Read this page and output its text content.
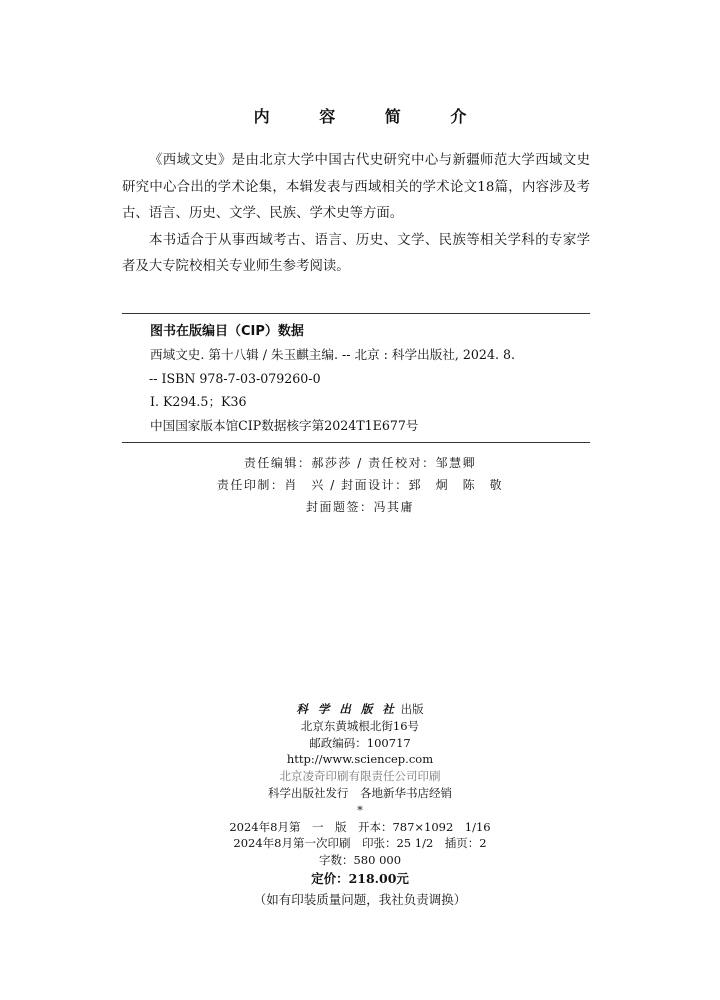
内 容 简 介

《西域文史》是由北京大学中国古代史研究中心与新疆师范大学西域文史研究中心合出的学术论集，本辑发表与西域相关的学术论文18篇，内容涉及考古、语言、历史、文学、民族、学术史等方面。

本书适合于从事西域考古、语言、历史、文学、民族等相关学科的专家学者及大专院校相关专业师生参考阅读。

图书在版编目（CIP）数据
西域文史. 第十八辑 / 朱玉麒主编. -- 北京 : 科学出版社, 2024. 8.
-- ISBN 978-7-03-079260-0
Ⅰ. K294.5；K36
中国国家版本馆CIP数据核字第2024T1E677号
责任编辑：郝莎莎 / 责任校对：邹慧卿
责任印制：肖　兴 / 封面设计：郅　炯　陈　敬
封面题签：冯其庸
科 学 出 版 社 出版
北京东黄城根北街16号
邮政编码：100717
http://www.sciencep.com
北京凌奇印刷有限责任公司印刷
科学出版社发行　各地新华书店经销
*
2024年8月第　一　版　开本：787×1092　1/16
2024年8月第一次印刷　印张：25 1/2　插页：2
字数：580 000
定价：218.00元
（如有印装质量问题，我社负责调换）
